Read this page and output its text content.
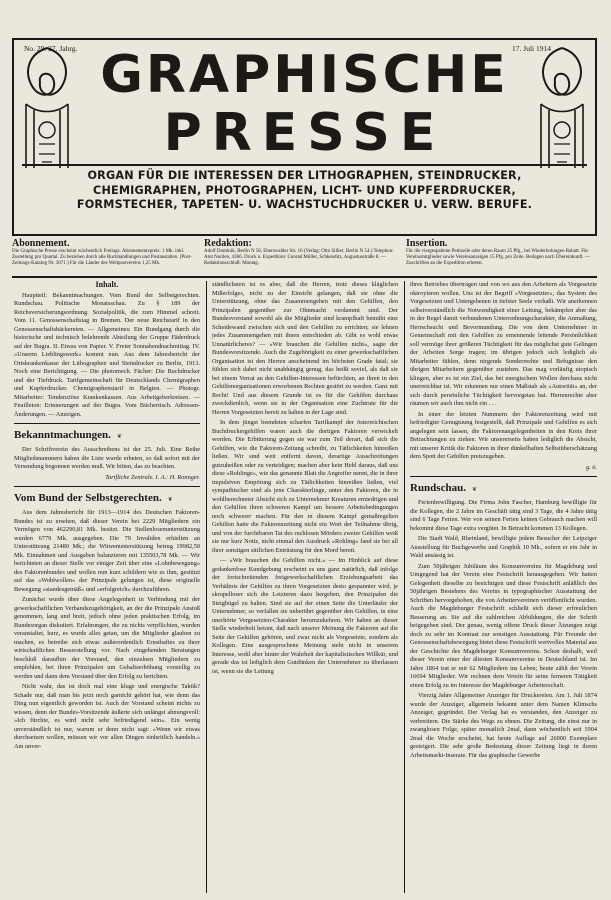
No. 29. 27. Jahrg.	17. Juli 1914
GRAPHISCHE
PRESSE
ORGAN FÜR DIE INTERESSEN DER LITHOGRAPHEN, STEINDRUCKER,
CHEMIGRAPHEN, PHOTOGRAPHEN, LICHT- UND KUPFERDRUCKER,
FORMSTECHER, TAPETEN- U. WACHSTUCHDRUCKER U. VERW. BERUFE.
Abonnement.
Die Graphische Presse erscheint wöchentlich Freitags. Abonnementspreis: 1 Mk. inkl. Zustellung pro Quartal. Zu beziehen durch alle Buchhandlungen und Postanstalten. (Post-Zeitungs-Katalog Nr. 3071.) Für die Länder des Weltpostvereins 1,25 Mk.
Redaktion:
Adolf Dominik, Berlin N 58, Eberswalder Str. 16 (Verlag: Otto Sillier, Berlin N 54.) Telephon: Amt Norden, 4366. Druck u. Expedition: Conrad Müller, Schkeuditz, Augustusstraße 8. — Redaktionsschluß: Montag.
Insertion.
Für die viergespaltene Petitzeile oder deren Raum 25 Pfg., bei Wiederholungen Rabatt. Für Vereinsmitglieder sowie Vereinsanzeigen 15 Pfg. pro Zeile. Beilagen nach Übereinkunft. — Zuschriften an die Expedition erbeten.
Inhalt.

Hauptteil: Bekanntmachungen. Vom Bund der Selbstgerechten. Rundschau. Politische Monatsschau. Zu § 189 der Reichsversicherungsordnung. Sozialpolitik, die zum Himmel schreit. Vom 11. Genossenschaftstag in Bremen. Der neue Reichstarif in den Genossenschaftsbäckereien. — Allgemeines: Ein Rundgang durch die historische und technisch belehrende Abteilung der Gruppe Fäderdruck auf der Bugra. II. Etwas von Papier. V. Freier Sonnabendnachmittag. IV. »Unserm Lieblingswerk« kommt nun. Aus dem Jahresbericht der Ortskrankenkasse der Lithographen und Steindrucker zu Berlin, 1913. Noch eine Berichtigung. — Die photomech. Fächer: Die Buchdrucker und der Tiefdruck. Tarifgemeinschaft für Deutschlands Chemigraphen und Kupferdrucker. Chemigraphenstarif in Belgien. — Photogr. Mitarbeiter: Tendenziöse Krankenkassen. Aus Arbeitgeberkreisen. — Feuilleton: Erinnerungen auf der Bugra. Vom Büchertisch. Adressen-Änderungen. — Anzeigen.

Bekanntmachungen. ❦

Der Schriftverein des Ausschreibens ist der 25. Juli. Eine Reihe Mitgliedsnummern haben die Liste wurde erbeten, so daß sofort mit der Versendung begonnen werden muß. Wir bitten, das zu beachten.

Tarifliche Zentrale. I. A.: H. Ronnger.
Vom Bund der Selbstgerechten. ❦

Aus dem Jahresbericht für 1913—1914 des Deutschen Faktoren-Bundes ist zu ersehen, daß dieser Verein bei 2229 Mitgliedern ein Vermögen von 462290,81 Mk. besitzt. Die Stellenlosenunterstützung wurden 6779 Mk. ausgegeben. Die 79 Invaliden erhielten an Unterstützung 21480 Mk.; die Witwenunterstützung betrug 19982,50 Mk. Einnahmen und Ausgaben balanzieren mit 135503,78 Mk. — Wir berichteten an dieser Stelle vor einiger Zeit über eine »Lohnbewegung« des Faktorenbundes und wollen nun kurz schildern wie es ihm, gestützt auf das »Wohlwollen« der Prinzipale gelungen ist, diese originelle Bewegung »standesgemäß« und »erfolgreich« durchzuführen.

Zunächst wurde über diese Angelegenheit in Verbindung mit der gewerkschaftlichen Verbandszugehörigkeit, an der die Prinzipale Anstoß genommen, lang und breit, jedoch ohne jeden praktischen Erfolg, im Bundesorgan diskutiert. Erfahrungen, die zu nichts verpflichten, wurden veranstaltet, kurz, es wurde alles getan, um die Mitglieder glauben zu machen, es betreibe sich etwas außerordentlich Ernsthaftes zu ihrer wirtschaftlichen Besserstellung vor. Nach eingehenden Beratungen beschloß daraufhin der Vorstand, den einzelnen Mitgliedern zu empfehlen, bei ihren Prinzipalen um Gehaltserhöhung vorstellig zu werden und dann dem Vorstand über den Erfolg zu berichten.

Nicht wahr, das ist doch mal eine kluge und energische Taktik? Schade nur, daß man bis jetzt noch garnicht gehört hat, wie denn das Ding nun eigentlich geworden ist. Auch der Vorstand scheint nichts zu wissen, denn der Bundes-Vorsitzende äußerte sich unlängst ahnungsvoll: »Ich fürchte, es wird nicht sehr befriedigend sein«. Ein wenig unverständlich ist nur, warum er denn nicht sagt: »Wenn wir etwas durchsetzen wollen, müssen wir vor allen Dingen einheitlich handeln.« Am unver-

ständlichsten ist es aber, daß die Herren, trotz dieses kläglichen Mißerfolges, nicht zu der Einsicht gelangen, daß sie ohne die Unterstützung, ohne das Zusammengehen mit den Gehilfen, den Prinzipalen gegenüber zur Ohnmacht verdammt sind. Der Bundesvorstand sowohl als die Mitglieder sind krampfhaft bemüht eine Scheidewand zwischen sich und den Gehilfen zu errichten; sie lehnen jedes Zusammengehen mit ihnen entschieden ab. Gibt es wohl etwas Unnatürlicheres? — »Wir brauchen die Gehilfen nicht«, sagte der Bundesvorsitzende. Auch die Zugehörigkeit zu einer gewerkschaftlichen Organisation ist den Herren anscheinend im höchsten Grade fatal; sie fühlen sich dabei nicht unabhängig genug, das heißt soviel, als daß sie bei einem Verrat an den Gehilfen-Interessen befürchten, an ihren in den Gehilfenorganisationen erworbenen Rechten gestört zu werden. Ganz mit Recht! Und aus diesem Grunde ist es für die Gehilfen durchaus zweckdienlich, wenn sie in der Organisation eine Zuchtrute für die Herren Vorgesetzten bereit zu halten in der Lage sind.

In dem jüngst beendeten scharfen Tarifkampf der österreichischen Buchdruckergehilfen waren auch die dortigen Faktoren verwickelt worden. Die Erbitterung gegen sie war zum Teil derart, daß sich die Gehilfen, wie die Faktoren-Zeitung schreibt, zu Tätlichkeiten hinreißen ließen. Wir sind weit entfernt davon, derartige Ausschreitungen gutzuheißen oder zu verteidigen; machen aber kein Hehl daraus, daß uns diese »Rohlinge«, wie das genannte Blatt die Angreifer nennt, die in ihrer impulsiven Empörung sich zu Tätlichkeiten hinreißen ließen, viel sympathischer sind als jene Charakterlinge, unter den Faktoren, die in wohlberechneter Absicht sich zu Unternehmer Kreaturen erniedrigen und den Gehilfen ihren schweren Kampf um bessere Arbeitsbedingungen noch schwerer machen. Für den in diesem Kampf gemaßregelten Gehilfen hatte die Faktorenzeitung nicht ein Wort der Teilnahme übrig, und von der furchtbaren Tat des ruchlosen Mörders zweier Gehilfen weiß sie nur kurz Notiz, nicht einmal den Ausdruck »Rohling« fand sie bei all ihrer sonstigen sittlichen Entrüstung für den Mord bereit.

— »Wir brauchen die Gehilfen nicht.« — Im Hinblick auf diese gedankenlose Kundgebung erscheint es uns ganz natürlich, daß infolge der fortschreitenden freigewerkschaftlichen Erziehungsarbeit das Verhältnis der Gehilfen zu ihren Vorgesetzten desto gespannter wird, je skrupelloser sich die Letzteren dazu hergeben, den Prinzipalen die Steigbügel zu halten. Sind sie auf der einen Seite die Unterläufer der Unternehmer, so verfallen sie unberührt gegenüber den Gehilfen, in eine unerhörte Vorgesetzten-Charakter herumzukehren. Wir haben an dieser Stelle wiederholt betont, daß nach unserer Meinung die Faktoren auf die Seite der Gehilfen gehören, und zwar nicht als Vorgesetzte, sondern als Kollegen. Eine ausgesprochene Meinung steht nicht in unserem Interesse, wohl aber hinter der Wahrheit der kapitalistischen Willkür, und gerade das ist lediglich dem Gutdünken der Unternehmer zu überlassen ist, wenn sie die Leitung

ihres Betriebes übertragen und von wo aus den Arbeitern als Vorgesetzte oktroyieren wollen. Uns ist der Begriff »Vorgesetzter«, das System des Vorgesetzten und Untergebenen in tiefster Seele verhaßt. Wir anerkennen selbstverständlich die Notwendigkeit einer Leitung, bekämpfen aber das in der Regel damit verbundenen Unterordnungscharakter, die Anmaßung, Herrschsucht und Bevormundung. Die von dem Unternehmer in Gemeinschaft mit den Gehilfen zu ernennende leitende Persönlichkeit soll vermöge ihrer größeren Tüchtigkeit für das möglichst gute Gelingen der Arbeiten Sorge tragen; im übrigen jedoch sich lediglich als Mitarbeiter fühlen, denn nirgends Sonderrechte und Befugnisse den übrigen Mitarbeitern gegenüber zustehen. Das mag vorläufig utopisch klingen, aber es ist ein Ziel, das bei energischem Wollen durchaus nicht unerreichbar ist. Wir erkennen nur einen Maßstab als »Autorität« an, der sich durch persönliche Tüchtigkeit hervorgetan hat. Herrenrechte aber räumen wir auch ihm nicht ein . . .

In einer der letzten Nummern der Faktorenzeitung wird mit befriedigter Genugtuung festgestellt, daß Prinzipale und Gehilfen es sich angelegen sein lassen, die Faktorenangelegenheiten in den Kreis ihrer Betrachtungen zu ziehen. Wir unsererseits haben lediglich die Absicht, mit unserer Kritik die Faktoren in ihrer dünkelhaften Selbstüberschätzung dem Spott der Gehilfen preiszugeben.

g. ö.
Rundschau. ❦

Ferienbewilligung. Die Firma John Fascher, Hamburg bewilligte für die Kollegen, die 2 Jahre im Geschäft tätig sind 3 Tage, die 4 Jahre tätig sind 6 Tage Ferien. Wer von seinen Ferien keinen Gebrauch machen will bekommt diese Tage extra vergütet. In Betracht kommen 13 Kollegen.

Die Stadt Wald, Rheinland, bewilligte jedem Besucher der Leipziger Ausstellung für Buchgewerbe und Graphik 10 Mk., sofern er ein Jahr in Wald ansässig ist.

Zum 50jährigen Jubiläum des Konsumvereins für Magdeburg und Umgegend hat der Verein eine Festschrift herausgegeben. Wir hatten Gelegenheit dieselbe zu besichtigen und diese Festschrift anläßlich des 50jährigen Bestehens des Vereins in typographischer Ausstattung der Schriften hervorgehoben, die von Arbeitervereinen veröffentlicht wurden. Auch die Magdeburger Festschrift schließt sich dieser erfreulichen Besserung an. Sie auf die zahlreichen Abbildungen, die der Schrift beigegeben sind. Der genau, wenig offene Druck dieser Ätzungen zeigt doch zu sehr im Kontrast zur sonstigen Ausstattung. Für Freunde der Genossenschaftsbewegung bietet diese Festschrift wertvolles Material aus der Geschichte des Magdeburger Konsumvereins. Schon deshalb, weil dieser Verein einer der ältesten Konsumvereine in Deutschland ist. Im Jahre 1864 trat er mit 62 Mitgliedern ins Leben; heute zählt der Verein 16694 Mitglieder. Wir rechnen dem Verein für seine ferneren Tätigkeit einen Erfolg zu im Interesse der Magdeburger Arbeiterschaft.

Vierzig Jahre Allgemeiner Anzeiger für Druckereien. Am 1. Juli 1874 wurde der Anzeiger, allgemein bekannt unter dem Namen Klimschs Anzeiger, gegründet. Der Verlag hat es verstanden, den Anzeiger zu verbreitern. Die Stärke des Wegs zu ebnen. Die Zeitung, die einst nur in zwanglosen Folge, später monatlich 2mal, dann wöchentlich seit 1904 2mal die Woche erscheint, hat heute Auflage auf 26000 Exemplare gesteigert. Die sehr große Bedeutung dieser Zeitung liegt in ihrem Arbeitsmarkt-Inserate. Für das graphische Gewerbe
